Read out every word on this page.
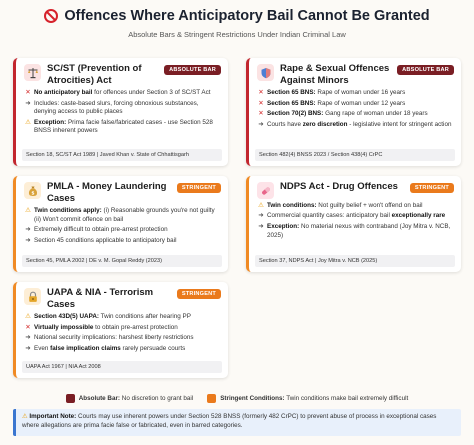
Offences Where Anticipatory Bail Cannot Be Granted
Absolute Bars & Stringent Restrictions Under Indian Criminal Law
SC/ST (Prevention of Atrocities) Act
ABSOLUTE BAR
✕ No anticipatory bail for offences under Section 3 of SC/ST Act
➜ Includes: caste-based slurs, forcing obnoxious substances, denying access to public places
⚠ Exception: Prima facie false/fabricated cases - use Section 528 BNSS inherent powers
Section 18, SC/ST Act 1989 | Javed Khan v. State of Chhattisgarh
Rape & Sexual Offences Against Minors
ABSOLUTE BAR
✕ Section 65 BNS: Rape of woman under 16 years
✕ Section 65 BNS: Rape of woman under 12 years
✕ Section 70(2) BNS: Gang rape of woman under 18 years
➜ Courts have zero discretion - legislative intent for stringent action
Section 482(4) BNSS 2023 / Section 438(4) CrPC
$
PMLA - Money Laundering Cases
STRINGENT
⚠ Twin conditions apply: (i) Reasonable grounds you're not guilty (ii) Won't commit offence on bail
➜ Extremely difficult to obtain pre-arrest protection
➜ Section 45 conditions applicable to anticipatory bail
Section 45, PMLA 2002 | DE v. M. Gopal Reddy (2023)
NDPS Act - Drug Offences	STRINGENT
⚠ Twin conditions: Not guilty belief + won't offend on bail
➜ Commercial quantity cases: anticipatory bail exceptionally rare
➜ Exception: No material nexus with contraband (Joy Mitra v. NCB, 2025)
Section 37, NDPS Act | Joy Mitra v. NCB (2025)
UAPA & NIA - Terrorism Cases
STRINGENT
⚠ Section 43D(5) UAPA: Twin conditions after hearing PP
✕ Virtually impossible to obtain pre-arrest protection
➜ National security implications: harshest liberty restrictions
➜ Even false implication claims rarely persuade courts
UAPA Act 1967 | NIA Act 2008
Absolute Bar: No discretion to grant bail	Stringent Conditions: Twin conditions make bail extremely difficult
⚠ Important Note: Courts may use inherent powers under Section 528 BNSS (formerly 482 CrPC) to prevent abuse of process in exceptional cases where allegations are prima facie false or fabricated, even in barred categories.
